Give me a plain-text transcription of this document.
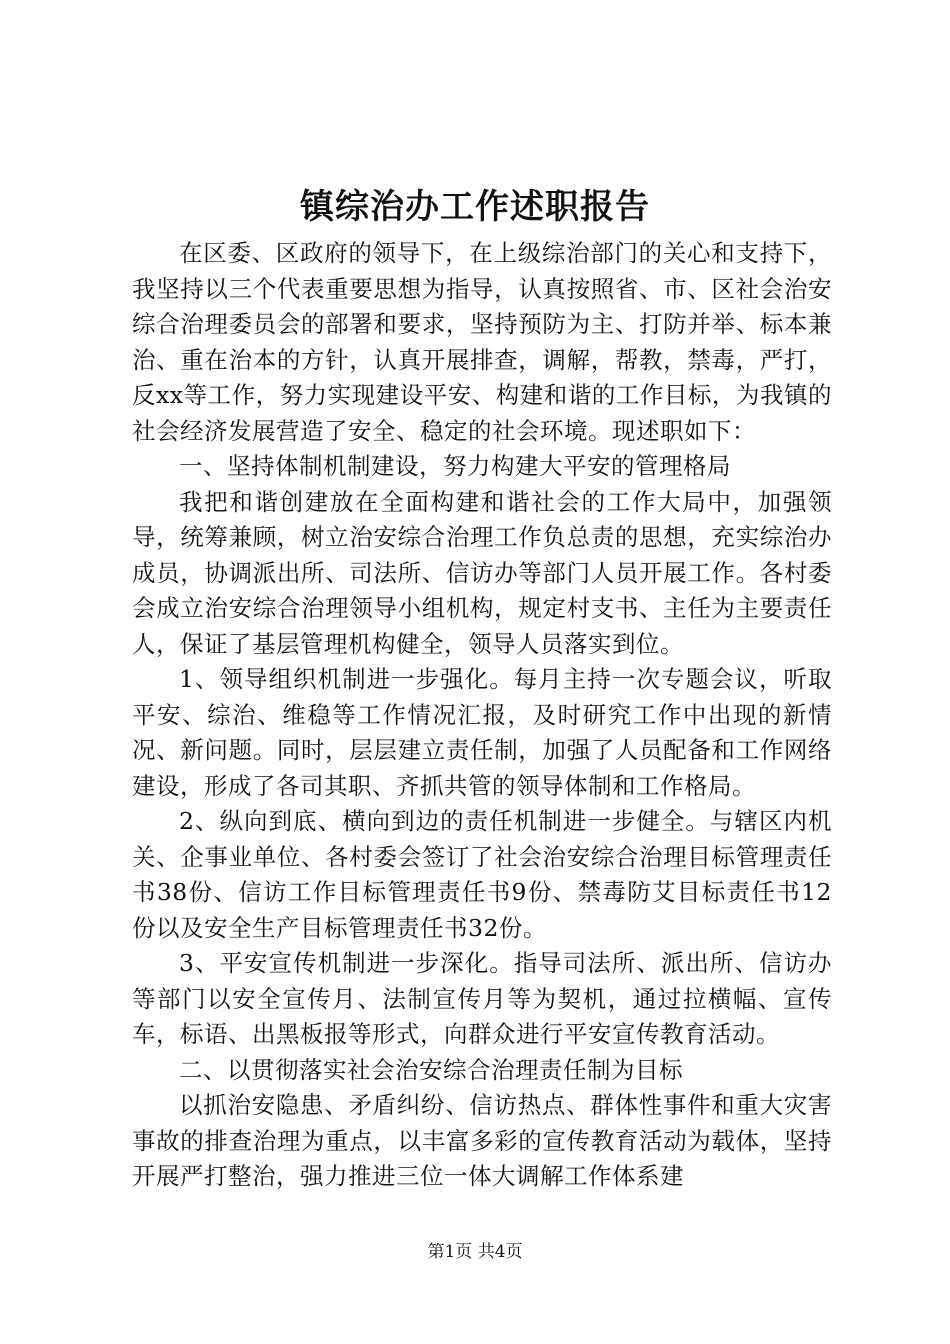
镇综治办工作述职报告

在区委、区政府的领导下，在上级综治部门的关心和支持下，我坚持以三个代表重要思想为指导，认真按照省、市、区社会治安综合治理委员会的部署和要求，坚持预防为主、打防并举、标本兼治、重在治本的方针，认真开展排查，调解，帮教，禁毒，严打，反xx等工作，努力实现建设平安、构建和谐的工作目标，为我镇的社会经济发展营造了安全、稳定的社会环境。现述职如下：

一、坚持体制机制建设，努力构建大平安的管理格局

我把和谐创建放在全面构建和谐社会的工作大局中，加强领导，统筹兼顾，树立治安综合治理工作负总责的思想，充实综治办成员，协调派出所、司法所、信访办等部门人员开展工作。各村委会成立治安综合治理领导小组机构，规定村支书、主任为主要责任人，保证了基层管理机构健全，领导人员落实到位。

1、领导组织机制进一步强化。每月主持一次专题会议，听取平安、综治、维稳等工作情况汇报，及时研究工作中出现的新情况、新问题。同时，层层建立责任制，加强了人员配备和工作网络建设，形成了各司其职、齐抓共管的领导体制和工作格局。

2、纵向到底、横向到边的责任机制进一步健全。与辖区内机关、企事业单位、各村委会签订了社会治安综合治理目标管理责任书38份、信访工作目标管理责任书9份、禁毒防艾目标责任书12份以及安全生产目标管理责任书32份。

3、平安宣传机制进一步深化。指导司法所、派出所、信访办等部门以安全宣传月、法制宣传月等为契机，通过拉横幅、宣传车，标语、出黑板报等形式，向群众进行平安宣传教育活动。

二、以贯彻落实社会治安综合治理责任制为目标

以抓治安隐患、矛盾纠纷、信访热点、群体性事件和重大灾害事故的排查治理为重点，以丰富多彩的宣传教育活动为载体，坚持开展严打整治，强力推进三位一体大调解工作体系建

第1页 共4页
